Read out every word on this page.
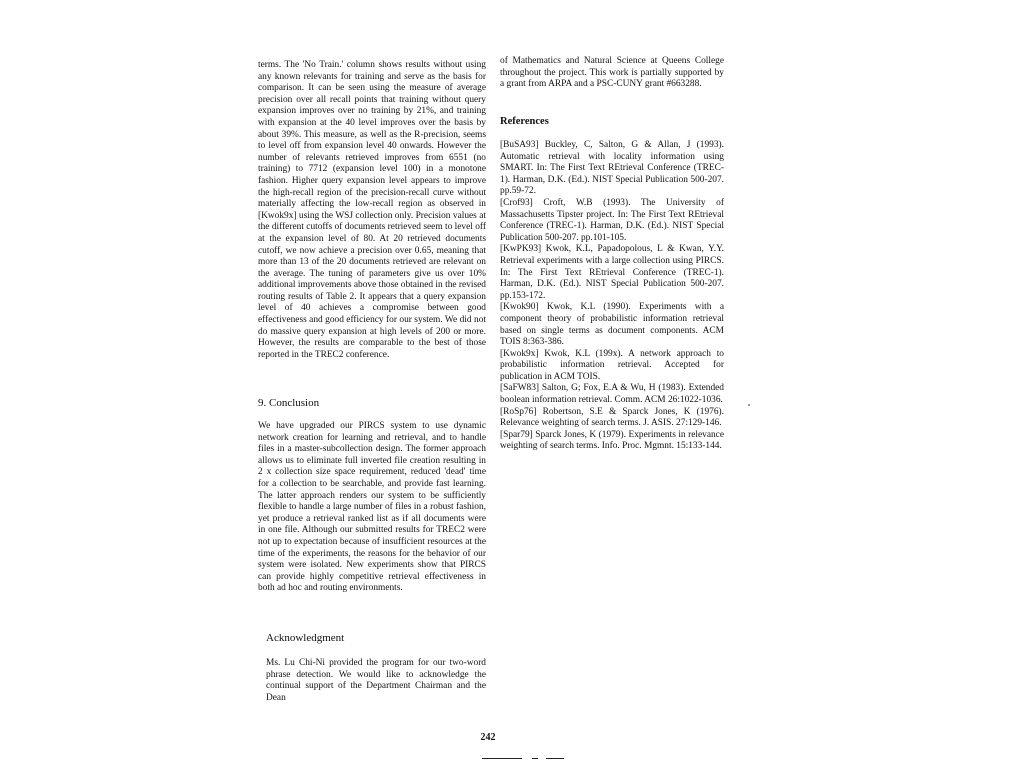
terms. The 'No Train.' column shows results without using any known relevants for training and serve as the basis for comparison. It can be seen using the measure of average precision over all recall points that training without query expansion improves over no training by 21%, and training with expansion at the 40 level improves over the basis by about 39%. This measure, as well as the R-precision, seems to level off from expansion level 40 onwards. However the number of relevants retrieved improves from 6551 (no training) to 7712 (expansion level 100) in a monotone fashion. Higher query expansion level appears to improve the high-recall region of the precision-recall curve without materially affecting the low-recall region as observed in [Kwok9x] using the WSJ collection only. Precision values at the different cutoffs of documents retrieved seem to level off at the expansion level of 80. At 20 retrieved documents cutoff, we now achieve a precision over 0.65, meaning that more than 13 of the 20 documents retrieved are relevant on the average. The tuning of parameters give us over 10% additional improvements above those obtained in the revised routing results of Table 2. It appears that a query expansion level of 40 achieves a compromise between good effectiveness and good efficiency for our system. We did not do massive query expansion at high levels of 200 or more. However, the results are comparable to the best of those reported in the TREC2 conference.

9. Conclusion

We have upgraded our PIRCS system to use dynamic network creation for learning and retrieval, and to handle files in a master-subcollection design. The former approach allows us to eliminate full inverted file creation resulting in 2 x collection size space requirement, reduced 'dead' time for a collection to be searchable, and provide fast learning. The latter approach renders our system to be sufficiently flexible to handle a large number of files in a robust fashion, yet produce a retrieval ranked list as if all documents were in one file. Although our submitted results for TREC2 were not up to expectation because of insufficient resources at the time of the experiments, the reasons for the behavior of our system were isolated. New experiments show that PIRCS can provide highly competitive retrieval effectiveness in both ad hoc and routing environments.

Acknowledgment

Ms. Lu Chi-Ni provided the program for our two-word phrase detection. We would like to acknowledge the continual support of the Department Chairman and the Dean

of Mathematics and Natural Science at Queens College throughout the project. This work is partially supported by a grant from ARPA and a PSC-CUNY grant #663288.

References

[BuSA93] Buckley, C, Salton, G & Allan, J (1993). Automatic retrieval with locality information using SMART. In: The First Text REtrieval Conference (TREC-1). Harman, D.K. (Ed.). NIST Special Publication 500-207. pp.59-72.

[Crof93] Croft, W.B (1993). The University of Massachusetts Tipster project. In: The First Text REtrieval Conference (TREC-1). Harman, D.K. (Ed.). NIST Special Publication 500-207. pp.101-105.

[KwPK93] Kwok, K.L, Papadopolous, L & Kwan, Y.Y. Retrieval experiments with a large collection using PIRCS. In: The First Text REtrieval Conference (TREC-1). Harman, D.K. (Ed.). NIST Special Publication 500-207. pp.153-172.

[Kwok90] Kwok, K.L (1990). Experiments with a component theory of probabilistic information retrieval based on single terms as document components. ACM TOIS 8:363-386.

[Kwok9x] Kwok, K.L (199x). A network approach to probabilistic information retrieval. Accepted for publication in ACM TOIS.

[SaFW83] Salton, G; Fox, E.A & Wu, H (1983). Extended boolean information retrieval. Comm. ACM 26:1022-1036.

[RoSp76] Robertson, S.E & Sparck Jones, K (1976). Relevance weighting of search terms. J. ASIS. 27:129-146.

[Spar79] Sparck Jones, K (1979). Experiments in relevance weighting of search terms. Info. Proc. Mgmnt. 15:133-144.

242
